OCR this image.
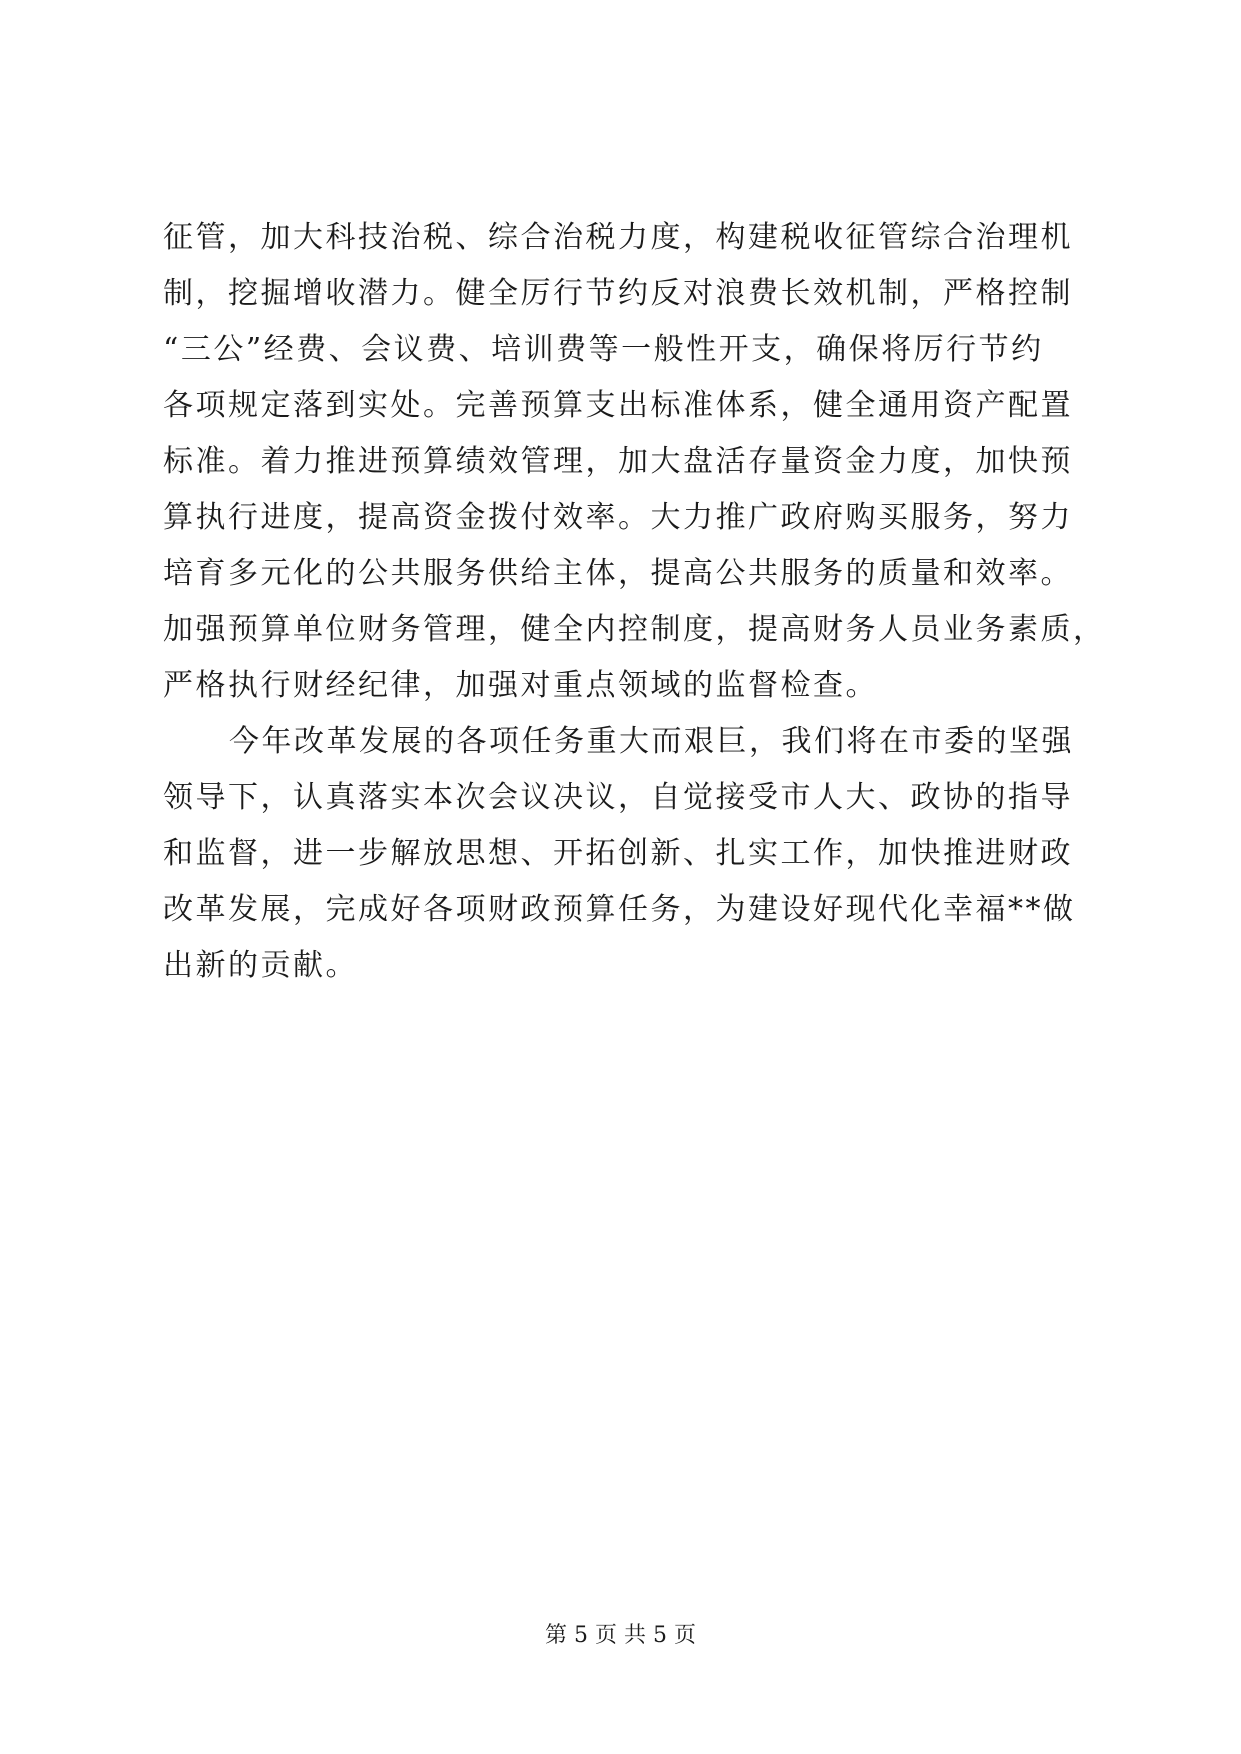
征管，加大科技治税、综合治税力度，构建税收征管综合治理机
制，挖掘增收潜力。健全厉行节约反对浪费长效机制，严格控制
“三公”经费、会议费、培训费等一般性开支，确保将厉行节约
各项规定落到实处。完善预算支出标准体系，健全通用资产配置
标准。着力推进预算绩效管理，加大盘活存量资金力度，加快预
算执行进度，提高资金拨付效率。大力推广政府购买服务，努力
培育多元化的公共服务供给主体，提高公共服务的质量和效率。
加强预算单位财务管理，健全内控制度，提高财务人员业务素质，
严格执行财经纪律，加强对重点领域的监督检查。
今年改革发展的各项任务重大而艰巨，我们将在市委的坚强
领导下，认真落实本次会议决议，自觉接受市人大、政协的指导
和监督，进一步解放思想、开拓创新、扎实工作，加快推进财政
改革发展，完成好各项财政预算任务，为建设好现代化幸福**做
出新的贡献。
第 5 页 共 5 页
